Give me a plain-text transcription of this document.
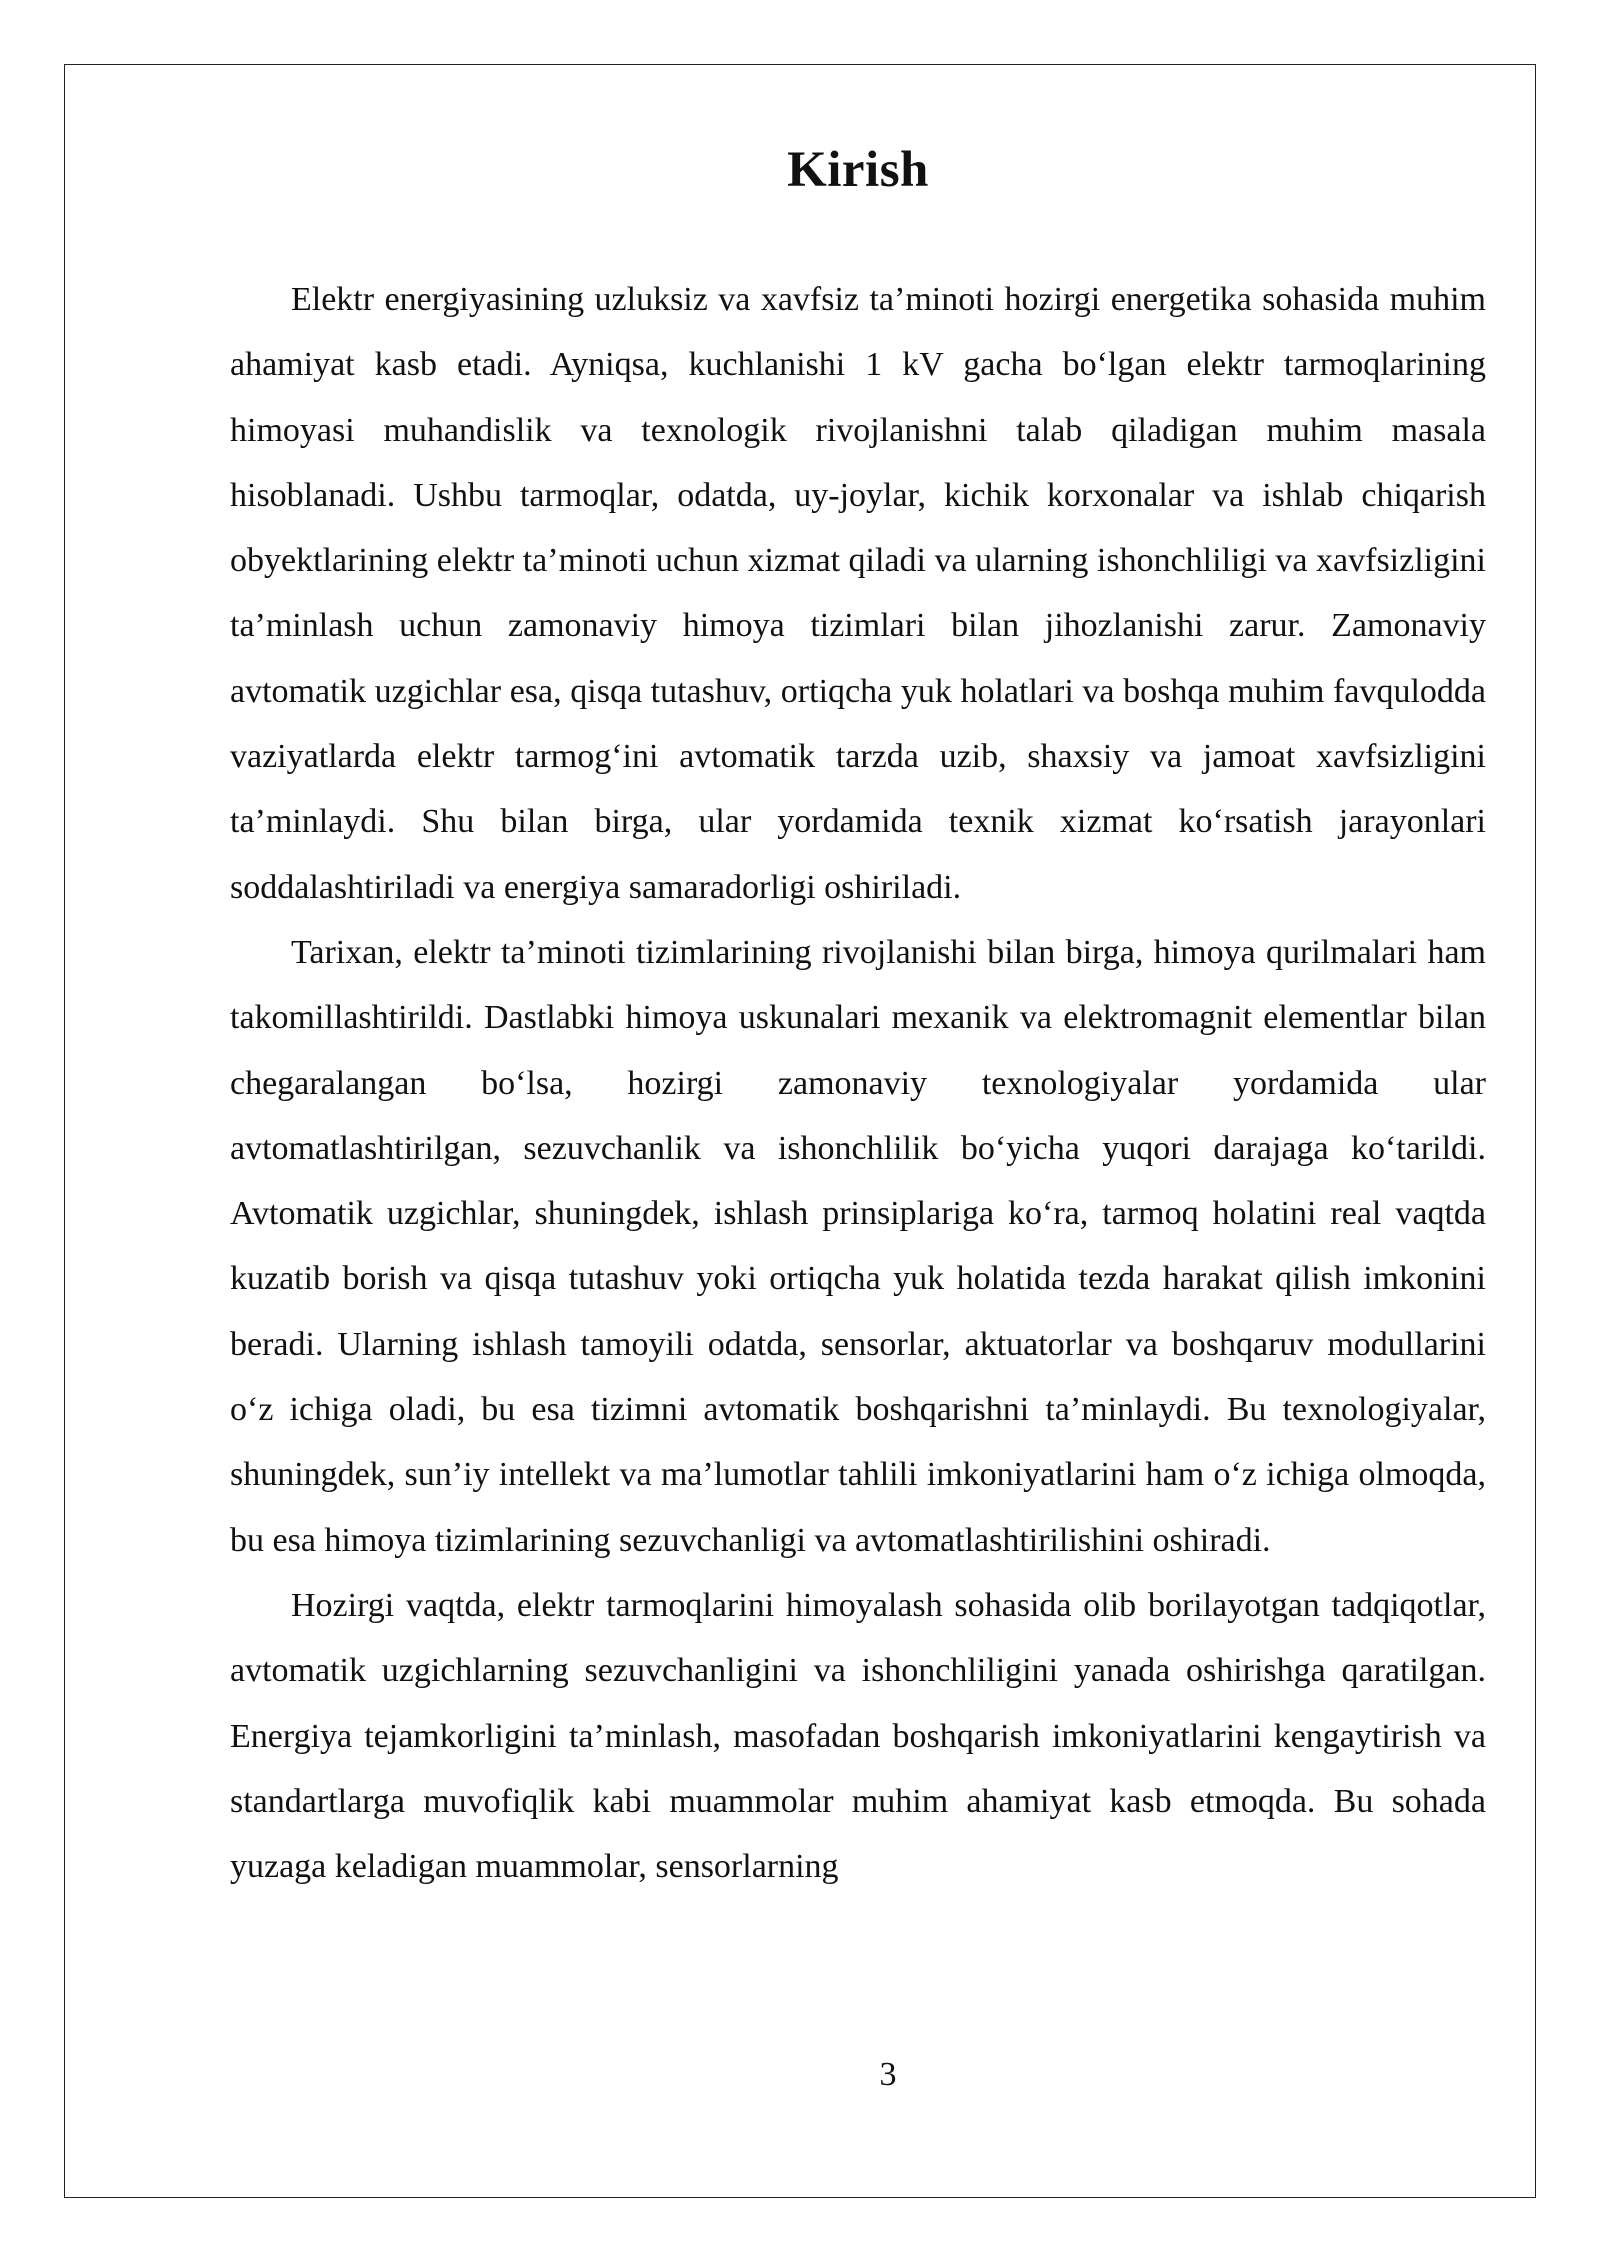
Kirish

Elektr energiyasining uzluksiz va xavfsiz ta’minoti hozirgi energetika sohasida muhim ahamiyat kasb etadi. Ayniqsa, kuchlanishi 1 kV gacha bo‘lgan elektr tarmoqlarining himoyasi muhandislik va texnologik rivojlanishni talab qiladigan muhim masala hisoblanadi. Ushbu tarmoqlar, odatda, uy-joylar, kichik korxonalar va ishlab chiqarish obyektlarining elektr ta’minoti uchun xizmat qiladi va ularning ishonchliligi va xavfsizligini ta’minlash uchun zamonaviy himoya tizimlari bilan jihozlanishi zarur. Zamonaviy avtomatik uzgichlar esa, qisqa tutashuv, ortiqcha yuk holatlari va boshqa muhim favqulodda vaziyatlarda elektr tarmog‘ini avtomatik tarzda uzib, shaxsiy va jamoat xavfsizligini ta’minlaydi. Shu bilan birga, ular yordamida texnik xizmat ko‘rsatish jarayonlari soddalashtiriladi va energiya samaradorligi oshiriladi.

Tarixan, elektr ta’minoti tizimlarining rivojlanishi bilan birga, himoya qurilmalari ham takomillashtirildi. Dastlabki himoya uskunalari mexanik va elektromagnit elementlar bilan chegaralangan bo‘lsa, hozirgi zamonaviy texnologiyalar yordamida ular avtomatlashtirilgan, sezuvchanlik va ishonchlilik bo‘yicha yuqori darajaga ko‘tarildi. Avtomatik uzgichlar, shuningdek, ishlash prinsiplariga ko‘ra, tarmoq holatini real vaqtda kuzatib borish va qisqa tutashuv yoki ortiqcha yuk holatida tezda harakat qilish imkonini beradi. Ularning ishlash tamoyili odatda, sensorlar, aktuatorlar va boshqaruv modullarini o‘z ichiga oladi, bu esa tizimni avtomatik boshqarishni ta’minlaydi. Bu texnologiyalar, shuningdek, sun’iy intellekt va ma’lumotlar tahlili imkoniyatlarini ham o‘z ichiga olmoqda, bu esa himoya tizimlarining sezuvchanligi va avtomatlashtirilishini oshiradi.

Hozirgi vaqtda, elektr tarmoqlarini himoyalash sohasida olib borilayotgan tadqiqotlar, avtomatik uzgichlarning sezuvchanligini va ishonchliligini yanada oshirishga qaratilgan. Energiya tejamkorligini ta’minlash, masofadan boshqarish imkoniyatlarini kengaytirish va standartlarga muvofiqlik kabi muammolar muhim ahamiyat kasb etmoqda. Bu sohada yuzaga keladigan muammolar, sensorlarning

3
